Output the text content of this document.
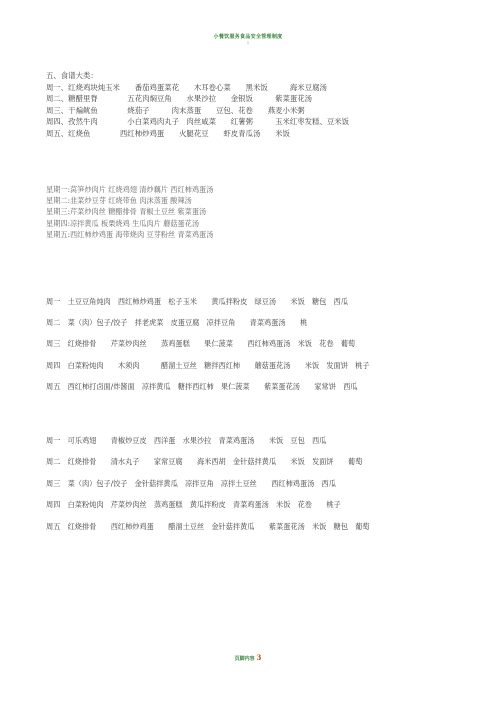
小餐饮服务食品安全管理制度
1
五、食谱大类：
周一、红烧鸡块炖玉米　　番茄鸡蛋菜花　　木耳卷心菜　　黑米饭　　　海米豆腐汤
周二、糖醋里脊　　　　五花肉焖豆角　　水果沙拉　　金银饭　　　紫菜蛋花汤
周三、干煸鱿鱼　　　　烧茄子　　　肉末蒸蛋　　豆包、花卷　　燕麦小米粥
周四、孜然牛肉　　　　小白菜鸡肉丸子　肉丝咸菜　　红薯粥　　　玉米红枣发糕、豆米饭
周五、红烧鱼　　　　西红柿炒鸡蛋　　火腿花豆　　虾皮青瓜汤　　米饭
星期一:莴笋炒肉片 红烧鸡翅 清炒藕片 西红柿鸡蛋汤
星期二:韭菜炒豆芽 红烧带鱼 肉沫蒸蛋 酸辣汤
星期三:芹菜炒肉丝 糖醋排骨 青椒土豆丝 紫菜蛋汤
星期四:凉拌黄瓜 板栗烧鸡 生瓜肉片 蘑菇蛋花汤
星期五:西红柿炒鸡蛋 海带烧肉 豆芽粉丝 青菜鸡蛋汤
周一　土豆豆角炖肉　西红柿炒鸡蛋　松子玉米　　黄瓜拌粉皮　绿豆汤　　米饭　糖包　西瓜
周二　菜（肉）包子/饺子　拌老虎菜　皮蛋豆腐　凉拌豆角　　青菜鸡蛋汤　　桃
周三　红烧排骨　　芹菜炒肉丝　　蒸鸡蛋糕　　果仁菠菜　　西红柿鸡蛋汤　米饭　花卷　葡萄
周四　白菜粉炖肉　　木须肉　　　醋溜土豆丝　糖拌西红柿　　蘑菇蛋花汤　　米饭　发面饼　桃子
周五　西红柿打卤面/炸酱面　凉拌黄瓜　糖拌西红柿　果仁菠菜　　紫菜蛋花汤　　家常饼　西瓜
周一　可乐鸡翅　　青椒炒豆皮　西洋蛋　水果沙拉　青菜鸡蛋汤　　米饭　豆包　西瓜
周二　红烧排骨　　清水丸子　　家常豆腐　　海米西胡　金针菇拌黄瓜　　米饭　发面饼　　葡萄
周三　菜（肉）包子/饺子　金针菇拌黄瓜　凉拌豆角　凉拌土豆丝　　西红柿鸡蛋汤　西瓜
周四　白菜粉炖肉　芹菜炒肉丝　蒸鸡蛋糕　黄瓜拌粉皮　青菜鸡蛋汤　米饭　花卷　　桃子
周五　红烧排骨　　西红柿炒鸡蛋　　醋溜土豆丝　金针菇拌黄瓜　　紫菜蛋花汤　米饭　糖包　葡萄
页脚内容 3
